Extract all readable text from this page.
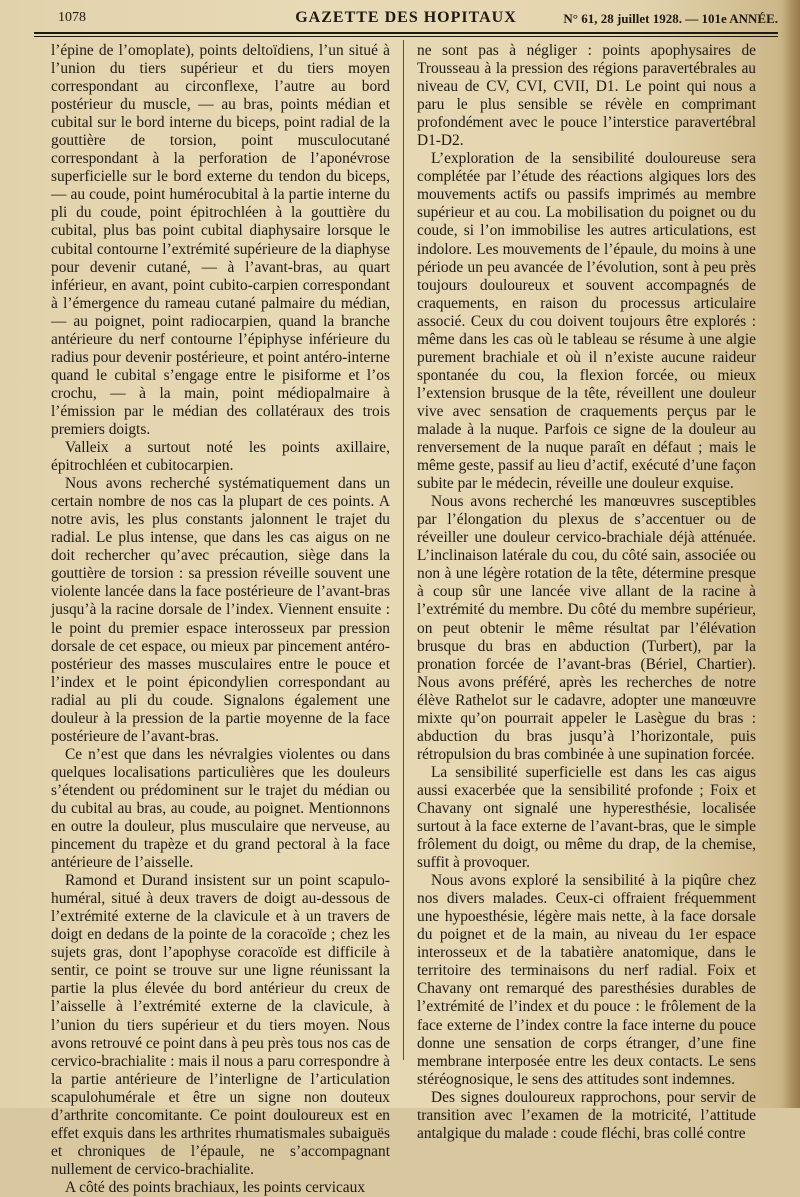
1078	GAZETTE DES HOPITAUX	N° 61, 28 juillet 1928. — 101e ANNÉE.

l’épine de l’omoplate), points deltoïdiens, l’un situé à l’union du tiers supérieur et du tiers moyen correspondant au circonflexe, l’autre au bord postérieur du muscle, — au bras, points médian et cubital sur le bord interne du biceps, point radial de la gouttière de torsion, point musculocutané correspondant à la perforation de l’aponévrose superficielle sur le bord externe du tendon du biceps, — au coude, point humérocubital à la partie interne du pli du coude, point épitrochléen à la gouttière du cubital, plus bas point cubital diaphysaire lorsque le cubital contourne l’extrémité supérieure de la diaphyse pour devenir cutané, — à l’avant-bras, au quart inférieur, en avant, point cubito-carpien correspondant à l’émergence du rameau cutané palmaire du médian, — au poignet, point radiocarpien, quand la branche antérieure du nerf contourne l’épiphyse inférieure du radius pour devenir postérieure, et point antéro-interne quand le cubital s’engage entre le pisiforme et l’os crochu, — à la main, point médiopalmaire à l’émission par le médian des collatéraux des trois premiers doigts.

Valleix a surtout noté les points axillaire, épitrochléen et cubitocarpien.

Nous avons recherché systématiquement dans un certain nombre de nos cas la plupart de ces points. A notre avis, les plus constants jalonnent le trajet du radial. Le plus intense, que dans les cas aigus on ne doit rechercher qu’avec précaution, siège dans la gouttière de torsion : sa pression réveille souvent une violente lancée dans la face postérieure de l’avant-bras jusqu’à la racine dorsale de l’index. Viennent ensuite : le point du premier espace interosseux par pression dorsale de cet espace, ou mieux par pincement antéro-postérieur des masses musculaires entre le pouce et l’index et le point épicondylien correspondant au radial au pli du coude. Signalons également une douleur à la pression de la partie moyenne de la face postérieure de l’avant-bras.

Ce n’est que dans les névralgies violentes ou dans quelques localisations particulières que les douleurs s’étendent ou prédominent sur le trajet du médian ou du cubital au bras, au coude, au poignet. Mentionnons en outre la douleur, plus musculaire que nerveuse, au pincement du trapèze et du grand pectoral à la face antérieure de l’aisselle.

Ramond et Durand insistent sur un point scapulo-huméral, situé à deux travers de doigt au-dessous de l’extrémité externe de la clavicule et à un travers de doigt en dedans de la pointe de la coracoïde ; chez les sujets gras, dont l’apophyse coracoïde est difficile à sentir, ce point se trouve sur une ligne réunissant la partie la plus élevée du bord antérieur du creux de l’aisselle à l’extrémité externe de la clavicule, à l’union du tiers supérieur et du tiers moyen. Nous avons retrouvé ce point dans à peu près tous nos cas de cervico-brachialite : mais il nous a paru correspondre à la partie antérieure de l’interligne de l’articulation scapulohumérale et être un signe non douteux d’arthrite concomitante. Ce point douloureux est en effet exquis dans les arthrites rhumatismales subaiguës et chroniques de l’épaule, ne s’accompagnant nullement de cervico-brachialite.

A côté des points brachiaux, les points cervicaux

ne sont pas à négliger : points apophysaires de Trousseau à la pression des régions paravertébrales au niveau de CV, CVI, CVII, D1. Le point qui nous a paru le plus sensible se révèle en comprimant profondément avec le pouce l’interstice paravertébral D1-D2.

L’exploration de la sensibilité douloureuse sera complétée par l’étude des réactions algiques lors des mouvements actifs ou passifs imprimés au membre supérieur et au cou. La mobilisation du poignet ou du coude, si l’on immobilise les autres articulations, est indolore. Les mouvements de l’épaule, du moins à une période un peu avancée de l’évolution, sont à peu près toujours douloureux et souvent accompagnés de craquements, en raison du processus articulaire associé. Ceux du cou doivent toujours être explorés : même dans les cas où le tableau se résume à une algie purement brachiale et où il n’existe aucune raideur spontanée du cou, la flexion forcée, ou mieux l’extension brusque de la tête, réveillent une douleur vive avec sensation de craquements perçus par le malade à la nuque. Parfois ce signe de la douleur au renversement de la nuque paraît en défaut ; mais le même geste, passif au lieu d’actif, exécuté d’une façon subite par le médecin, réveille une douleur exquise.

Nous avons recherché les manœuvres susceptibles par l’élongation du plexus de s’accentuer ou de réveiller une douleur cervico-brachiale déjà atténuée. L’inclinaison latérale du cou, du côté sain, associée ou non à une légère rotation de la tête, détermine presque à coup sûr une lancée vive allant de la racine à l’extrémité du membre. Du côté du membre supérieur, on peut obtenir le même résultat par l’élévation brusque du bras en abduction (Turbert), par la pronation forcée de l’avant-bras (Bériel, Chartier). Nous avons préféré, après les recherches de notre élève Rathelot sur le cadavre, adopter une manœuvre mixte qu’on pourrait appeler le Lasègue du bras : abduction du bras jusqu’à l’horizontale, puis rétropulsion du bras combinée à une supination forcée.

La sensibilité superficielle est dans les cas aigus aussi exacerbée que la sensibilité profonde ; Foix et Chavany ont signalé une hyperesthésie, localisée surtout à la face externe de l’avant-bras, que le simple frôlement du doigt, ou même du drap, de la chemise, suffit à provoquer.

Nous avons exploré la sensibilité à la piqûre chez nos divers malades. Ceux-ci offraient fréquemment une hypoesthésie, légère mais nette, à la face dorsale du poignet et de la main, au niveau du 1er espace interosseux et de la tabatière anatomique, dans le territoire des terminaisons du nerf radial. Foix et Chavany ont remarqué des paresthésies durables de l’extrémité de l’index et du pouce : le frôlement de la face externe de l’index contre la face interne du pouce donne une sensation de corps étranger, d’une fine membrane interposée entre les deux contacts. Le sens stéréognosique, le sens des attitudes sont indemnes.

Des signes douloureux rapprochons, pour servir de transition avec l’examen de la motricité, l’attitude antalgique du malade : coude fléchi, bras collé contre
